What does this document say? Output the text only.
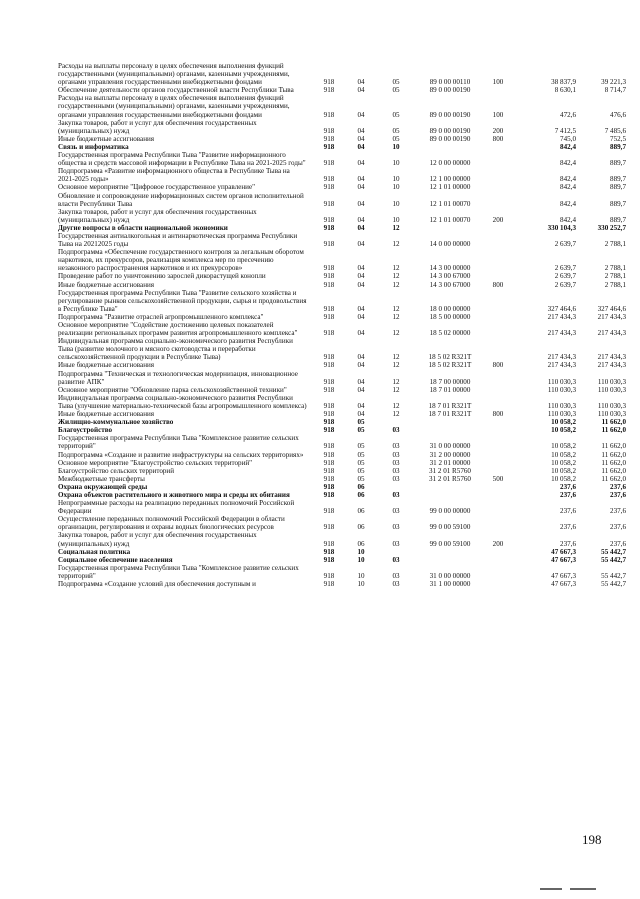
Расходы на выплаты персоналу в целях обеспечения выполнения функций государственными (муниципальными) органами, казенными учреждениями, органами управления государственными внебюджетными фондами	918	04	05	89 0 00 00110	100	38 837,9	39 221,3
Обеспечение деятельности органов государственной власти Республики Тыва	918	04	05	89 0 00 00190		8 630,1	8 714,7
Расходы на выплаты персоналу в целях обеспечения выполнения функций государственными (муниципальными) органами, казенными учреждениями, органами управления государственными внебюджетными фондами	918	04	05	89 0 00 00190	100	472,6	476,6
Закупка товаров, работ и услуг для обеспечения государственных (муниципальных) нужд	918	04	05	89 0 00 00190	200	7 412,5	7 485,6
Иные бюджетные ассигнования	918	04	05	89 0 00 00190	800	745,0	752,5
Связь и информатика	918	04	10			842,4	889,7
Государственная программа Республики Тыва "Развитие информационного общества и средств массовой информации в Республике Тыва на 2021-2025 годы"	918	04	10	12 0 00 00000		842,4	889,7
Подпрограмма «Развитие информационного общества в Республике Тыва на 2021-2025 годы»	918	04	10	12 1 00 00000		842,4	889,7
Основное мероприятие "Цифровое государственное управление"	918	04	10	12 1 01 00000		842,4	889,7
Обновление и сопровождение информационных систем органов исполнительной власти Республики Тыва	918	04	10	12 1 01 00070		842,4	889,7
Закупка товаров, работ и услуг для обеспечения государственных (муниципальных) нужд	918	04	10	12 1 01 00070	200	842,4	889,7
Другие вопросы в области национальной экономики	918	04	12			330 104,3	330 252,7
Государственная антиалкогольная и антинаркотическая программа Республики Тыва на 20212025 годы	918	04	12	14 0 00 00000		2 639,7	2 788,1
Подпрограмма «Обеспечение государственного контроля за легальным оборотом наркотиков, их прекурсоров, реализация комплекса мер по пресечению незаконного распространения наркотиков и их прекурсоров»	918	04	12	14 3 00 00000		2 639,7	2 788,1
Проведение работ по уничтожению зарослей дикорастущей конопли	918	04	12	14 3 00 67000		2 639,7	2 788,1
Иные бюджетные ассигнования	918	04	12	14 3 00 67000	800	2 639,7	2 788,1
Государственная программа Республики Тыва "Развитие сельского хозяйства и регулирование рынков сельскохозяйственной продукции, сырья и продовольствия в Республике Тыва"	918	04	12	18 0 00 00000		327 464,6	327 464,6
Подпрограмма "Развитие отраслей агропромышленного комплекса"	918	04	12	18 5 00 00000		217 434,3	217 434,3
Основное мероприятие "Содействие достижению целевых показателей реализации региональных программ развития агропромышленного комплекса"	918	04	12	18 5 02 00000		217 434,3	217 434,3
Индивидуальная программа социально-экономического развития Республики Тыва (развитие молочного и мясного скотоводства и переработки сельскохозяйственной продукции в Республике Тыва)	918	04	12	18 5 02 R321T		217 434,3	217 434,3
Иные бюджетные ассигнования	918	04	12	18 5 02 R321T	800	217 434,3	217 434,3
Подпрограмма "Техническая и технологическая модернизация, инновационное развитие АПК"	918	04	12	18 7 00 00000		110 030,3	110 030,3
Основное мероприятие "Обновление парка сельскохозяйственной техники"	918	04	12	18 7 01 00000		110 030,3	110 030,3
Индивидуальная программа социально-экономического развития Республики Тыва (улучшение материально-технической базы агропромышленного комплекса)	918	04	12	18 7 01 R321T		110 030,3	110 030,3
Иные бюджетные ассигнования	918	04	12	18 7 01 R321T	800	110 030,3	110 030,3
Жилищно-коммунальное хозяйство	918	05				10 058,2	11 662,0
Благоустройство	918	05	03			10 058,2	11 662,0
Государственная программа Республики Тыва "Комплексное развитие сельских территорий"	918	05	03	31 0 00 00000		10 058,2	11 662,0
Подпрограмма «Создание и развитие инфраструктуры на сельских территориях»	918	05	03	31 2 00 00000		10 058,2	11 662,0
Основное мероприятие "Благоустройство сельских территорий"	918	05	03	31 2 01 00000		10 058,2	11 662,0
Благоустройство сельских территорий	918	05	03	31 2 01 R5760		10 058,2	11 662,0
Межбюджетные трансферты	918	05	03	31 2 01 R5760	500	10 058,2	11 662,0
Охрана окружающей среды	918	06				237,6	237,6
Охрана объектов растительного и животного мира и среды их обитания	918	06	03			237,6	237,6
Непрограммные расходы на реализацию переданных полномочий Российской Федерации	918	06	03	99 0 00 00000		237,6	237,6
Осуществление переданных полномочий Российской Федерации в области организации, регулирования и охраны водных биологических ресурсов	918	06	03	99 0 00 59100		237,6	237,6
Закупка товаров, работ и услуг для обеспечения государственных (муниципальных) нужд	918	06	03	99 0 00 59100	200	237,6	237,6
Социальная политика	918	10				47 667,3	55 442,7
Социальное обеспечение населения	918	10	03			47 667,3	55 442,7
Государственная программа Республики Тыва "Комплексное развитие сельских территорий"	918	10	03	31 0 00 00000		47 667,3	55 442,7
Подпрограмма «Создание условий для обеспечения доступным и	918	10	03	31 1 00 00000		47 667,3	55 442,7
198
